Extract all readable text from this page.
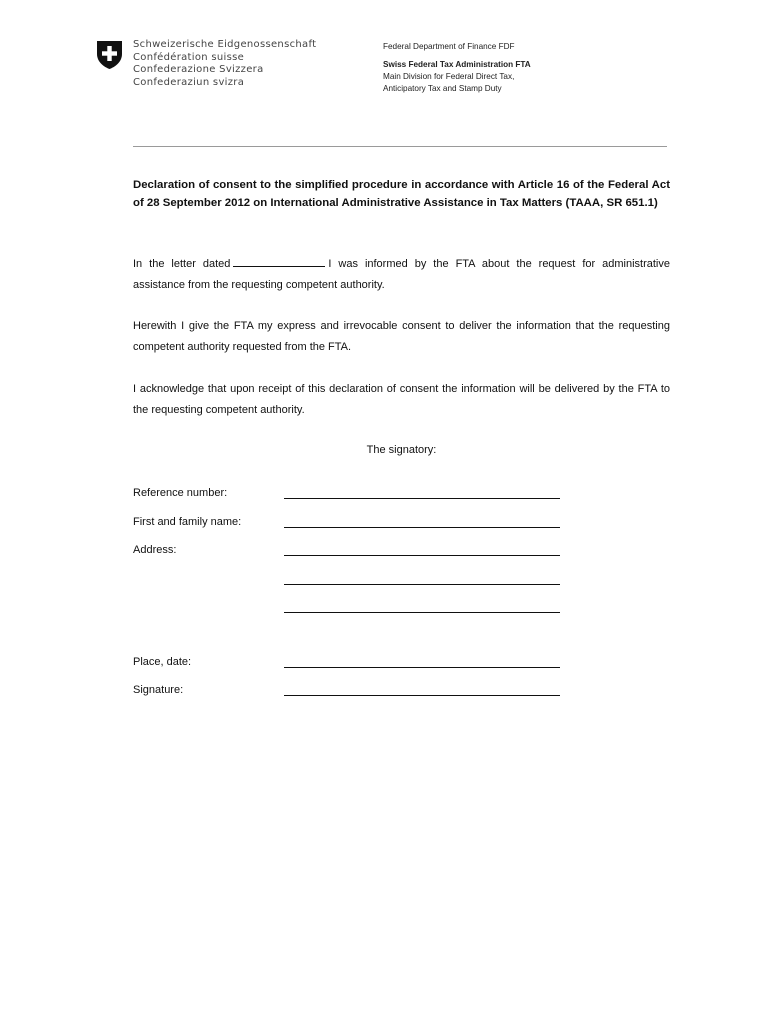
Schweizerische Eidgenossenschaft
Confédération suisse
Confederazione Svizzera
Confederaziun svizra
Federal Department of Finance FDF
Swiss Federal Tax Administration FTA
Main Division for Federal Direct Tax,
Anticipatory Tax and Stamp Duty
Declaration of consent to the simplified procedure in accordance with Article 16 of the Federal Act of 28 September 2012 on International Administrative Assistance in Tax Matters (TAAA, SR 651.1)
In the letter dated	I was informed by the FTA about the request for administrative assistance from the requesting competent authority.
Herewith I give the FTA my express and irrevocable consent to deliver the information that the requesting competent authority requested from the FTA.
I acknowledge that upon receipt of this declaration of consent the information will be delivered by the FTA to the requesting competent authority.
The signatory:
Reference number:
First and family name:
Address:
Place, date:
Signature:
